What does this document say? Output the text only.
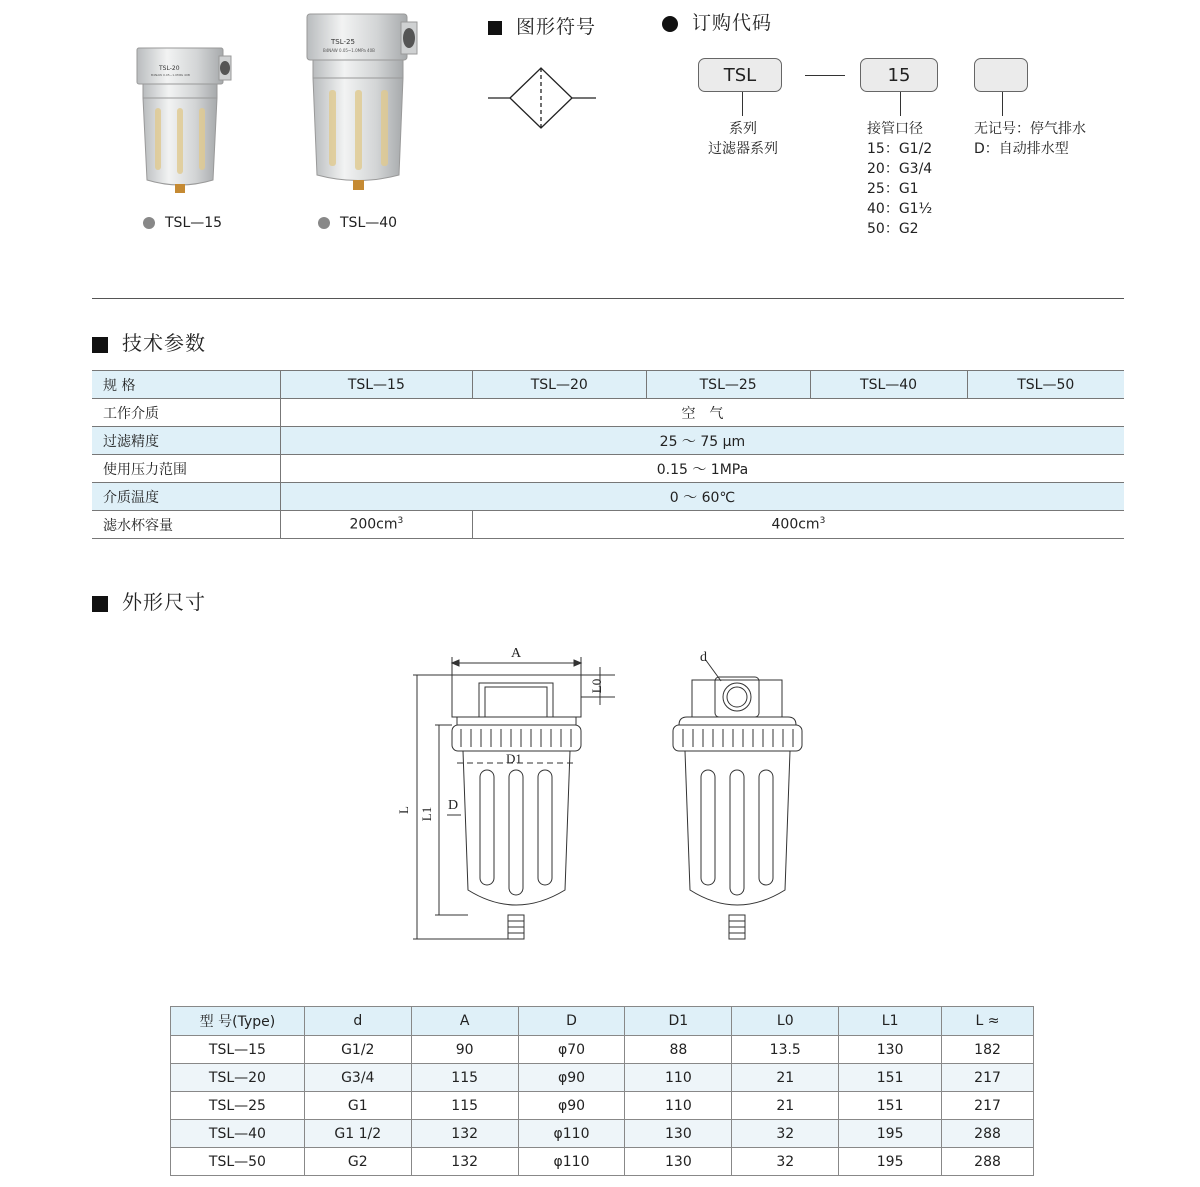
TSL-20
B4NAW 0.05~1.0MPa 40B
TSL-25
B4NAW 0.05~1.0MPa 40B
TSL—15	TSL—40
图形符号	订购代码
TSL	15
系列
过滤器系列
接管口径
15：G1/2
20：G3/4
25：G1
40：G1½
50：G2
无记号：停气排水
D：自动排水型
技术参数
规 格	TSL—15	TSL—20	TSL—25	TSL—40	TSL—50
工作介质	空　气				
过滤精度	25 ～ 75 μm				
使用压力范围	0.15 ～ 1MPa				
介质温度	0 ～ 60℃				
滤水杯容量	$200cm^3$	$400cm^3$
外形尺寸
A
L0
D1
D
L1
L
d
型 号(Type)	d	A	D	D1	L0	L1	L ≈
TSL—15	G1/2	90	φ70	88	13.5	130	182
TSL—20	G3/4	115	φ90	110	21	151	217
TSL—25	G1	115	φ90	110	21	151	217
TSL—40	G1 1/2	132	φ110	130	32	195	288
TSL—50	G2	132	φ110	130	32	195	288
